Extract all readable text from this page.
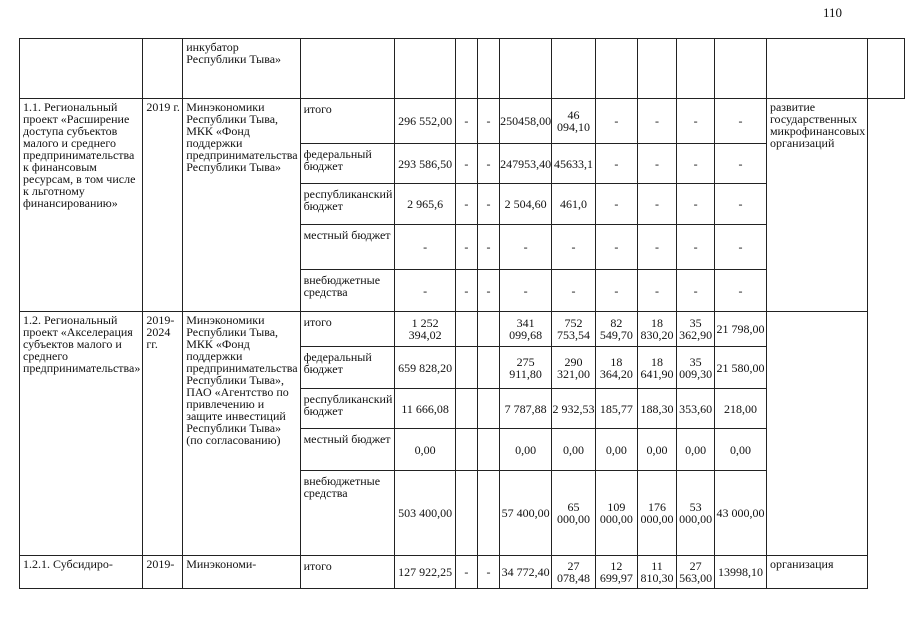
110

		инкубатор Республики Тыва»												

1.1. Региональный проект «Расширение доступа субъектов малого и среднего предпринимательства к финансовым ресурсам, в том числе к льготному финансированию»	2019 г.	Минэкономики Республики Тыва, МКК «Фонд поддержки предпринимательства Республики Тыва»	итого	296 552,00	-	-	250458,00	46 094,10	-	-	-	-	развитие государственных микрофинансовых организаций	

			федеральный бюджет	293 586,50	-	-	247953,40	45633,1	-	-	-	-		

			республиканский бюджет	2 965,6	-	-	2 504,60	461,0	-	-	-	-		

			местный бюджет	-	-	-	-	-	-	-	-	-		

			внебюджетные средства	-	-	-	-	-	-	-	-	-		

1.2. Региональный проект «Акселерация субъектов малого и среднего предпринимательства»	2019-2024 гг.	Минэкономики Республики Тыва, МКК «Фонд поддержки предпринимательства Республики Тыва», ПАО «Агентство по привлечению и защите инвестиций Республики Тыва» (по согласованию)	итого	1 252 394,02			341 099,68	752 753,54	82 549,70	18 830,20	35 362,90	21 798,00		

			федеральный бюджет	659 828,20			275 911,80	290 321,00	18 364,20	18 641,90	35 009,30	21 580,00		

			республиканский бюджет	11 666,08			7 787,88	2 932,53	185,77	188,30	353,60	218,00		

			местный бюджет	0,00			0,00	0,00	0,00	0,00	0,00	0,00		

			внебюджетные средства	503 400,00			57 400,00	65 000,00	109 000,00	176 000,00	53 000,00	43 000,00		

1.2.1. Субсидиро-	2019-	Минэкономи-	итого	127 922,25	-	-	34 772,40	27 078,48	12 699,97	11 810,30	27 563,00	13998,10	организация	
